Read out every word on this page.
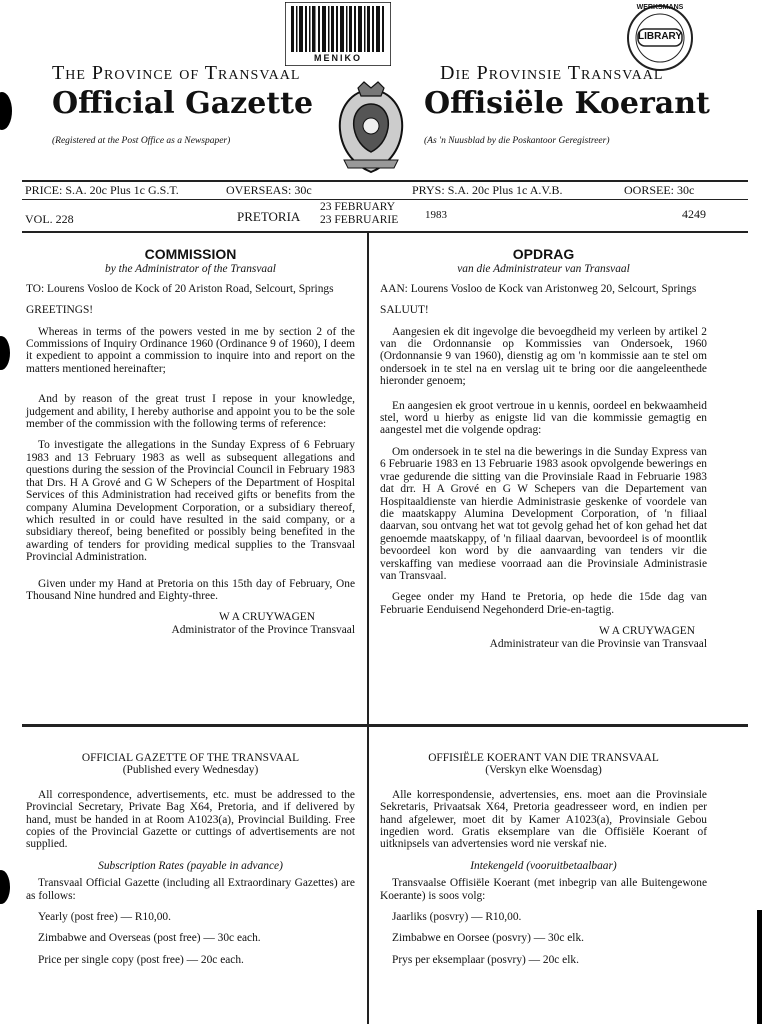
MENIKO
WERKSMANS
LIBRARY
The Province of Transvaal
Official Gazette
(Registered at the Post Office as a Newspaper)
Die Provinsie Transvaal
Offisiële Koerant
(As 'n Nuusblad by die Poskantoor Geregistreer)
PRICE: S.A. 20c Plus 1c G.S.T.	OVERSEAS: 30c	PRYS: S.A. 20c Plus 1c A.V.B.	OORSEE: 30c
VOL. 228	PRETORIA
23 FEBRUARY
23 FEBRUARIE 1983	4249
COMMISSION
by the Administrator of the Transvaal

TO: Lourens Vosloo de Kock of 20 Ariston Road, Selcourt, Springs

GREETINGS!

Whereas in terms of the powers vested in me by section 2 of the Commissions of Inquiry Ordinance 1960 (Ordinance 9 of 1960), I deem it expedient to appoint a commission to inquire into and report on the matters mentioned hereinafter;

And by reason of the great trust I repose in your knowledge, judgement and ability, I hereby authorise and appoint you to be the sole member of the commission with the following terms of reference:

To investigate the allegations in the Sunday Express of 6 February 1983 and 13 February 1983 as well as subsequent allegations and questions during the session of the Provincial Council in February 1983 that Drs. H A Grové and G W Schepers of the Department of Hospital Services of this Administration had received gifts or benefits from the company Alumina Development Corporation, or a subsidiary thereof, which resulted in or could have resulted in the said company, or a subsidiary thereof, being benefited or possibly being benefited in the awarding of tenders for providing medical supplies to the Transvaal Provincial Administration.

Given under my Hand at Pretoria on this 15th day of February, One Thousand Nine hundred and Eighty-three.

W A CRUYWAGEN
Administrator of the Province Transvaal
OPDRAG
van die Administrateur van Transvaal

AAN: Lourens Vosloo de Kock van Aristonweg 20, Selcourt, Springs

SALUUT!

Aangesien ek dit ingevolge die bevoegdheid my verleen by artikel 2 van die Ordonnansie op Kommissies van Ondersoek, 1960 (Ordonnansie 9 van 1960), dienstig ag om 'n kommissie aan te stel om ondersoek in te stel na en verslag uit te bring oor die aangeleenthede hieronder genoem;

En aangesien ek groot vertroue in u kennis, oordeel en bekwaamheid stel, word u hierby as enigste lid van die kommissie gemagtig en aangestel met die volgende opdrag:

Om ondersoek in te stel na die bewerings in die Sunday Express van 6 Februarie 1983 en 13 Februarie 1983 asook opvolgende bewerings en vrae gedurende die sitting van die Provinsiale Raad in Februarie 1983 dat drr. H A Grové en G W Schepers van die Departement van Hospitaaldienste van hierdie Administrasie geskenke of voordele van die maatskappy Alumina Development Corporation, of 'n filiaal daarvan, sou ontvang het wat tot gevolg gehad het of kon gehad het dat genoemde maatskappy, of 'n filiaal daarvan, bevoordeel is of moontlik bevoordeel kon word by die aanvaarding van tenders vir die verskaffing van mediese voorraad aan die Provinsiale Administrasie van Transvaal.

Gegee onder my Hand te Pretoria, op hede die 15de dag van Februarie Eenduisend Negehonderd Drie-en-tagtig.

W A CRUYWAGEN
Administrateur van die Provinsie van Transvaal
OFFICIAL GAZETTE OF THE TRANSVAAL
(Published every Wednesday)

All correspondence, advertisements, etc. must be addressed to the Provincial Secretary, Private Bag X64, Pretoria, and if delivered by hand, must be handed in at Room A1023(a), Provincial Building. Free copies of the Provincial Gazette or cuttings of advertisements are not supplied.

Subscription Rates (payable in advance)

Transvaal Official Gazette (including all Extraordinary Gazettes) are as follows:

Yearly (post free) — R10,00.

Zimbabwe and Overseas (post free) — 30c each.

Price per single copy (post free) — 20c each.

OFFISIËLE KOERANT VAN DIE TRANSVAAL
(Verskyn elke Woensdag)

Alle korrespondensie, advertensies, ens. moet aan die Provinsiale Sekretaris, Privaatsak X64, Pretoria geadresseer word, en indien per hand afgelewer, moet dit by Kamer A1023(a), Provinsiale Gebou ingedien word. Gratis eksemplare van die Offisiële Koerant of uitknipsels van advertensies word nie verskaf nie.

Intekengeld (vooruitbetaalbaar)

Transvaalse Offisiële Koerant (met inbegrip van alle Buitengewone Koerante) is soos volg:

Jaarliks (posvry) — R10,00.

Zimbabwe en Oorsee (posvry) — 30c elk.

Prys per eksemplaar (posvry) — 20c elk.
